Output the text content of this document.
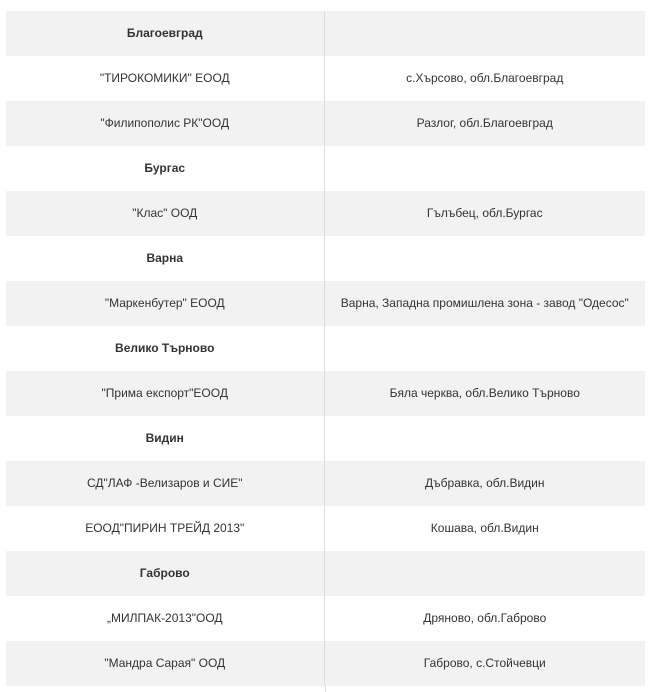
Благоевград	
"ТИРОКОМИКИ" ЕООД	с.Хърсово, обл.Благоевград
"Филипополис РК"ООД	Разлог, обл.Благоевград
Бургас	
"Клас" ООД	Гълъбец, обл.Бургас
Варна	
"Маркенбутер" ЕООД	Варна, Западна промишлена зона - завод "Одесос"
Велико Търново	
"Прима експорт"ЕООД	Бяла черква, обл.Велико Търново
Видин	
СД"ЛАФ -Велизаров и СИЕ"	Дъбравка, обл.Видин
ЕООД"ПИРИН ТРЕЙД 2013"	Кошава, обл.Видин
Габрово	
„МИЛПАК-2013"ООД	Дряново, обл.Габрово
"Мандра Сарая" ООД	Габрово, с.Стойчевци
